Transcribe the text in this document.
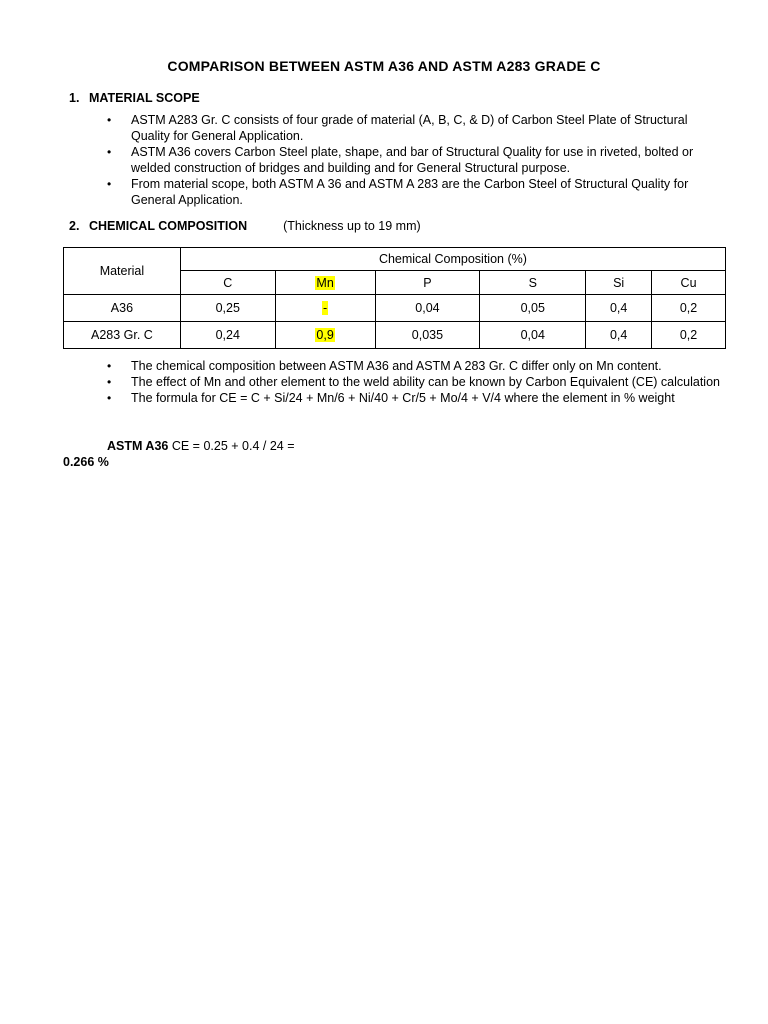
COMPARISON BETWEEN ASTM A36 AND ASTM A283 GRADE C
1. MATERIAL SCOPE
• ASTM A283 Gr. C consists of four grade of material (A, B, C, & D) of Carbon Steel Plate of Structural Quality for General Application.
• ASTM A36 covers Carbon Steel plate, shape, and bar of Structural Quality for use in riveted, bolted or welded construction of bridges and building and for General Structural purpose.
• From material scope, both ASTM A 36 and ASTM A 283 are the Carbon Steel of Structural Quality for General Application.
2. CHEMICAL COMPOSITION	(Thickness up to 19 mm)
Material	Chemical Composition (%)					
	C	Mn	P	S	Si	Cu
A36	0,25	-	0,04	0,05	0,4	0,2
A283 Gr. C	0,24	0,9	0,035	0,04	0,4	0,2
• The chemical composition between ASTM A36 and ASTM A 283 Gr. C differ only on Mn content.
• The effect of Mn and other element to the weld ability can be known by Carbon Equivalent (CE) calculation
• The formula for CE = C + Si/24 + Mn/6 + Ni/40 + Cr/5 + Mo/4 + V/4 where the element in % weight
ASTM A36 CE = 0.25 + 0.4 / 24 =
0.266 %
